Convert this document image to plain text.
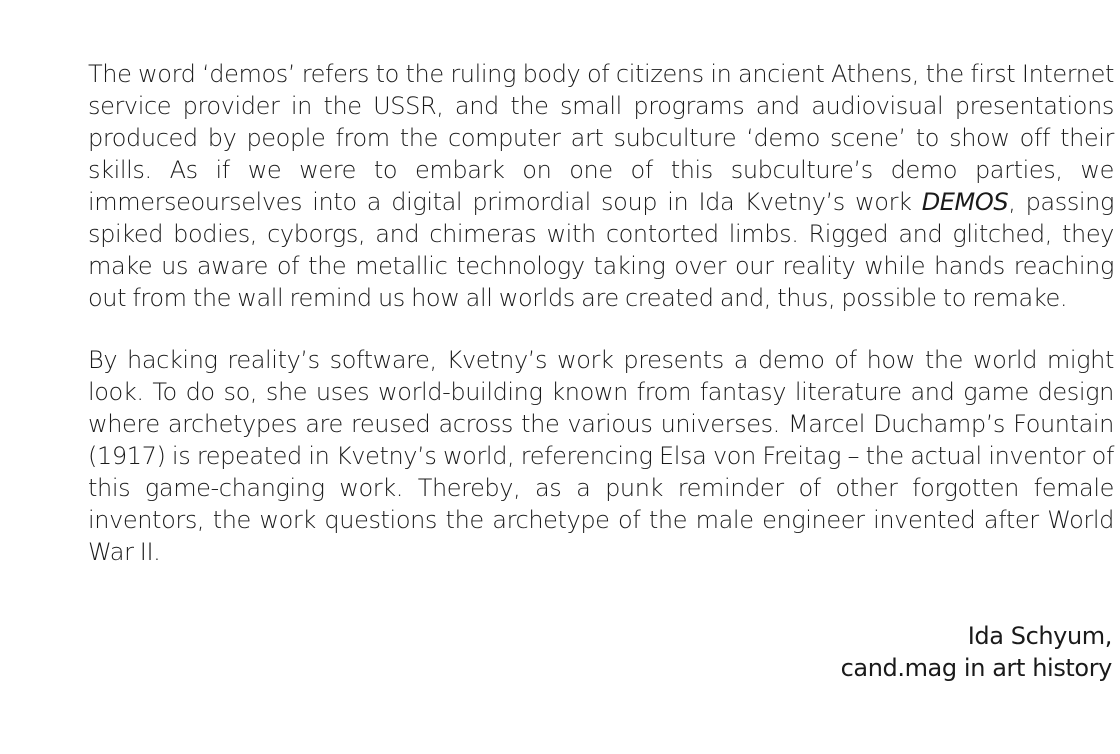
The word ‘demos’ refers to the ruling body of citizens in ancient Athens, the first Internet service provider in the USSR, and the small programs and audiovisual presentations produced by people from the computer art subculture ‘demo scene’ to show off their skills. As if we were to embark on one of this subculture’s demo parties, we immerseourselves into a digital primordial soup in Ida Kvetny’s work DEMOS, passing spiked bodies, cyborgs, and chimeras with contorted limbs. Rigged and glitched, they make us aware of the metallic technology taking over our reality while hands reaching out from the wall remind us how all worlds are created and, thus, possible to remake.

By hacking reality’s software, Kvetny’s work presents a demo of how the world might look. To do so, she uses world-building known from fantasy literature and game design where archetypes are reused across the various universes. Marcel Duchamp’s Fountain (1917) is repeated in Kvetny’s world, referencing Elsa von Freitag – the actual inventor of this game-changing work. Thereby, as a punk reminder of other forgotten female inventors, the work questions the archetype of the male engineer invented after World War II.

Ida Schyum,
cand.mag in art history
